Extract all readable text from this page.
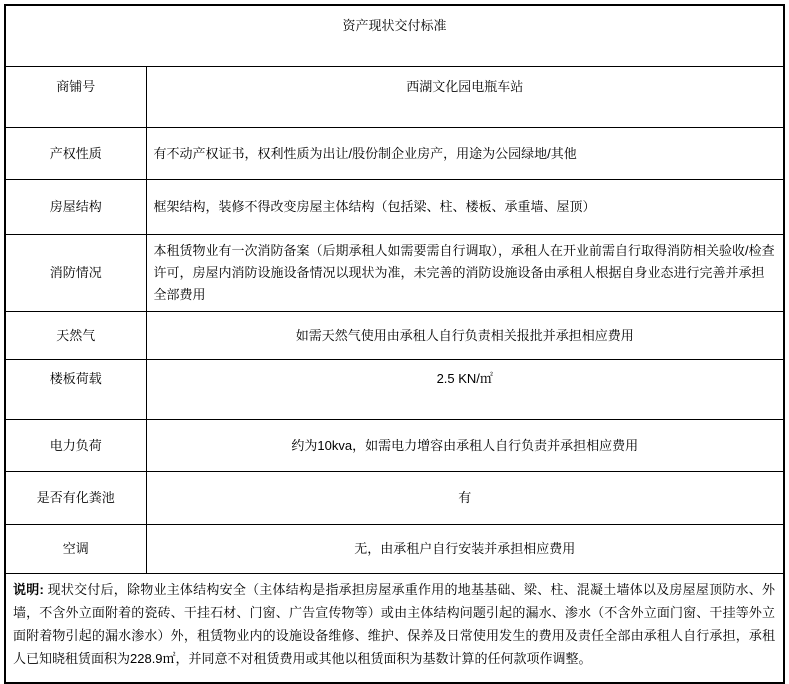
资产现状交付标准	
商铺号	西湖文化园电瓶车站
产权性质	有不动产权证书，权利性质为出让/股份制企业房产，用途为公园绿地/其他
房屋结构	框架结构，装修不得改变房屋主体结构（包括梁、柱、楼板、承重墙、屋顶）
消防情况	本租赁物业有一次消防备案（后期承租人如需要需自行调取），承租人在开业前需自行取得消防相关验收/检查许可，房屋内消防设施设备情况以现状为准，未完善的消防设施设备由承租人根据自身业态进行完善并承担全部费用
天然气	如需天然气使用由承租人自行负责相关报批并承担相应费用
楼板荷载	2.5 KN/㎡
电力负荷	约为10kva，如需电力增容由承租人自行负责并承担相应费用
是否有化粪池	有
空调	无，由承租户自行安装并承担相应费用
说明: 现状交付后，除物业主体结构安全（主体结构是指承担房屋承重作用的地基基础、梁、柱、混凝土墙体以及房屋屋顶防水、外墙，不含外立面附着的瓷砖、干挂石材、门窗、广告宣传物等）或由主体结构问题引起的漏水、渗水（不含外立面门窗、干挂等外立面附着物引起的漏水渗水）外，租赁物业内的设施设备维修、维护、保养及日常使用发生的费用及责任全部由承租人自行承担，承租人已知晓租赁面积为228.9㎡，并同意不对租赁费用或其他以租赁面积为基数计算的任何款项作调整。	
